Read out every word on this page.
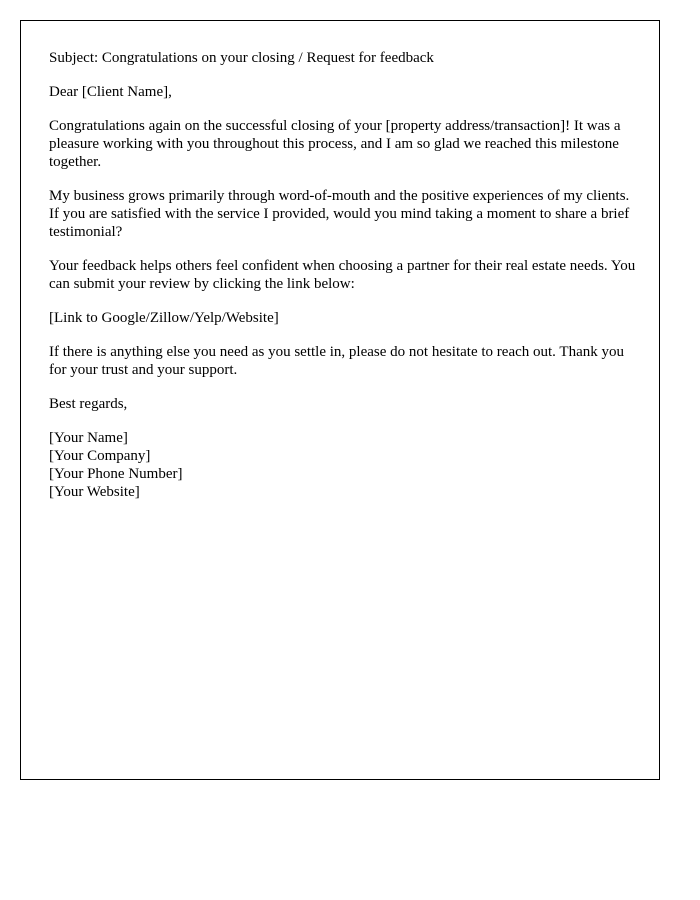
Subject: Congratulations on your closing / Request for feedback

Dear [Client Name],

Congratulations again on the successful closing of your [property address/transaction]! It was a pleasure working with you throughout this process, and I am so glad we reached this milestone together.

My business grows primarily through word-of-mouth and the positive experiences of my clients. If you are satisfied with the service I provided, would you mind taking a moment to share a brief testimonial?

Your feedback helps others feel confident when choosing a partner for their real estate needs. You can submit your review by clicking the link below:

[Link to Google/Zillow/Yelp/Website]

If there is anything else you need as you settle in, please do not hesitate to reach out. Thank you for your trust and your support.

Best regards,

[Your Name]
[Your Company]
[Your Phone Number]
[Your Website]
